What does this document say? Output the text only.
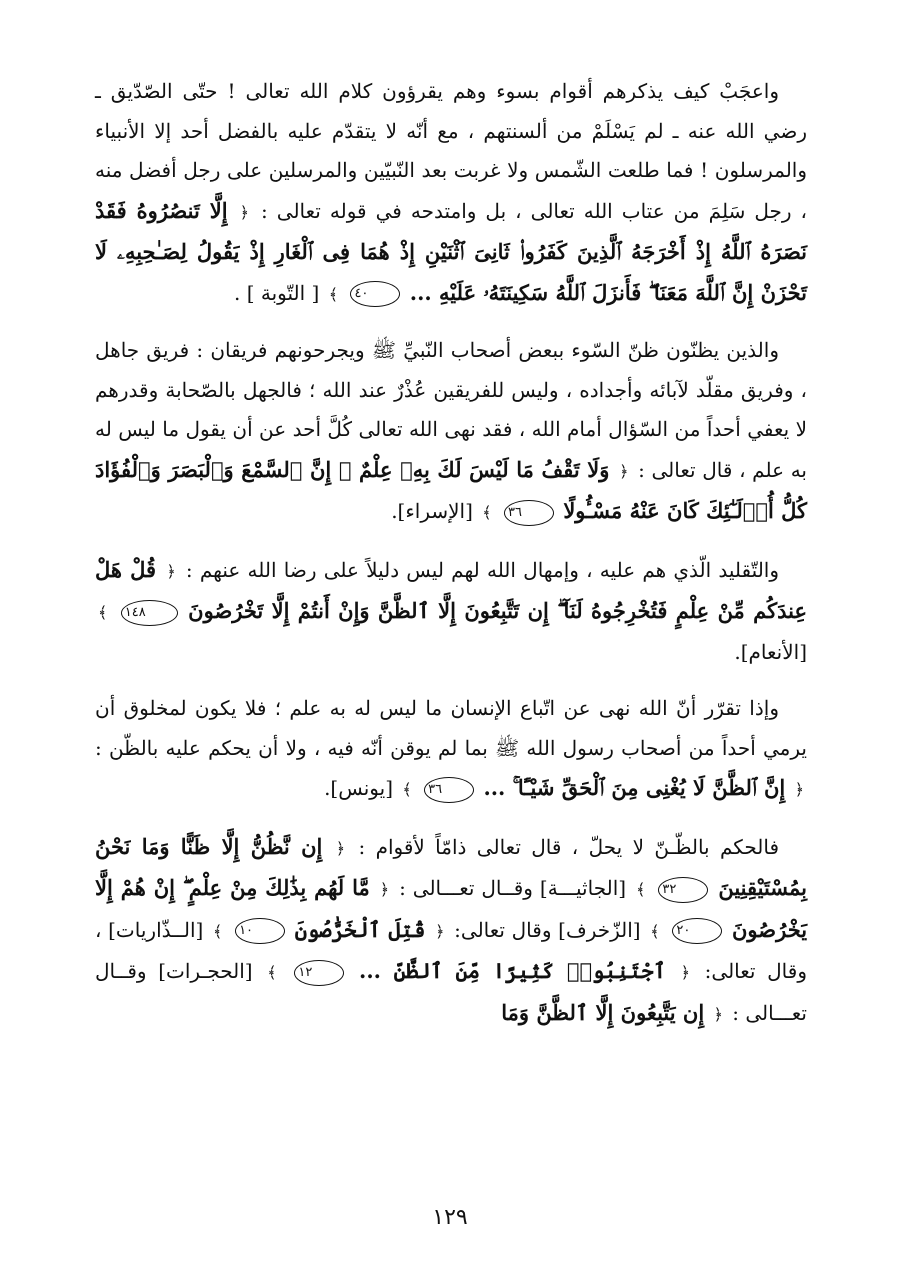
واعجَبْ كيف يذكرهم أقوام بسوء وهم يقرؤون كلام الله تعالى ! حتّى الصّدّيق ـ رضي الله عنه ـ لم يَسْلَمْ من ألسنتهم ، مع أنّه لا يتقدّم عليه بالفضل أحد إلا الأنبياء والمرسلون ! فما طلعت الشّمس ولا غربت بعد النّبيّين والمرسلين على رجل أفضل منه ، رجل سَلِمَ من عتاب الله تعالى ، بل وامتدحه في قوله تعالى : ﴿ إِلَّا تَنصُرُوهُ فَقَدْ نَصَرَهُ ٱللَّهُ إِذْ أَخْرَجَهُ ٱلَّذِينَ كَفَرُوا۟ ثَانِىَ ٱثْنَيْنِ إِذْ هُمَا فِى ٱلْغَارِ إِذْ يَقُولُ لِصَـٰحِبِهِۦ لَا تَحْزَنْ إِنَّ ٱللَّهَ مَعَنَا ۖ فَأَنزَلَ ٱللَّهُ سَكِينَتَهُۥ عَلَيْهِ ... ٤٠ ﴾ [ التّوبة ] .

والذين يظنّون ظنّ السّوء ببعض أصحاب النّبيِّ ﷺ ويجرحونهم فريقان : فريق جاهل ، وفريق مقلّد لآبائه وأجداده ، وليس للفريقين عُذْرٌ عند الله ؛ فالجهل بالصّحابة وقدرهم لا يعفي أحداً من السّؤال أمام الله ، فقد نهى الله تعالى كُلَّ أحد عن أن يقول ما ليس له به علم ، قال تعالى : ﴿ وَلَا تَقْفُ مَا لَيْسَ لَكَ بِهِۦ عِلْمٌ ۚ إِنَّ ٱلسَّمْعَ وَٱلْبَصَرَ وَٱلْفُؤَادَ كُلُّ أُو۟لَـٰٓئِكَ كَانَ عَنْهُ مَسْـُٔولًا ٣٦ ﴾ [الإسراء].

والتّقليد الّذي هم عليه ، وإمهال الله لهم ليس دليلاً على رضا الله عنهم : ﴿ قُلْ هَلْ عِندَكُم مِّنْ عِلْمٍ فَتُخْرِجُوهُ لَنَآ ۖ إِن تَتَّبِعُونَ إِلَّا ٱلظَّنَّ وَإِنْ أَنتُمْ إِلَّا تَخْرُصُونَ ١٤٨ ﴾ [الأنعام].

وإذا تقرّر أنّ الله نهى عن اتّباع الإنسان ما ليس له به علم ؛ فلا يكون لمخلوق أن يرمي أحداً من أصحاب رسول الله ﷺ بما لم يوقن أنّه فيه ، ولا أن يحكم عليه بالظّن : ﴿ إِنَّ ٱلظَّنَّ لَا يُغْنِى مِنَ ٱلْحَقِّ شَيْـًٔا ۚ ... ٣٦ ﴾ [يونس].

فالحكم بالظّـنّ لا يحلّ ، قال تعالى ذامّاً لأقوام : ﴿ إِن نَّظُنُّ إِلَّا ظَنًّا وَمَا نَحْنُ بِمُسْتَيْقِنِينَ ٣٢ ﴾ [الجاثيـــة] وقــال تعـــالى : ﴿ مَّا لَهُم بِذَٰلِكَ مِنْ عِلْمٍ ۖ إِنْ هُمْ إِلَّا يَخْرُصُونَ ٢٠ ﴾ [الزّخرف] وقال تعالى: ﴿ قُتِلَ ٱلْخَرَّٰصُونَ ١٠ ﴾ [الــذّاريات] ، وقال تعالى: ﴿ ٱجْتَنِبُوا۟ كَثِيرًا مِّنَ ٱلظَّنِّ ... ١٢ ﴾ [الحجـرات] وقــال تعـــالى : ﴿ إِن يَتَّبِعُونَ إِلَّا ٱلظَّنَّ وَمَا

١٢٩
